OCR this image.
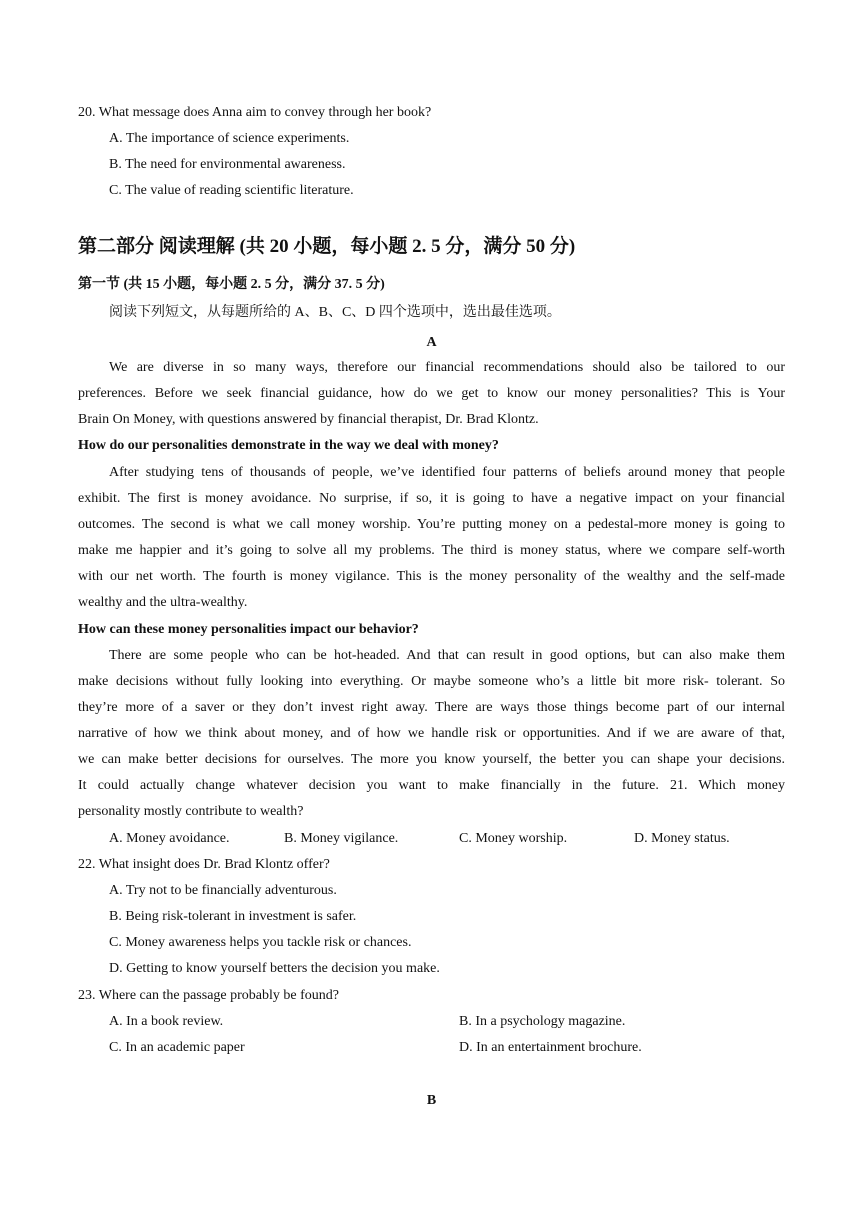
20. What message does Anna aim to convey through her book?
A. The importance of science experiments.
B. The need for environmental awareness.
C. The value of reading scientific literature.
第二部分 阅读理解 (共 20 小题，每小题 2. 5 分，满分 50 分)
第一节 (共 15 小题，每小题 2. 5 分，满分 37. 5 分)
阅读下列短文，从每题所给的 A、B、C、D 四个选项中，选出最佳选项。
A
We are diverse in so many ways, therefore our financial recommendations should also be tailored to our
preferences. Before we seek financial guidance, how do we get to know our money personalities? This is Your
Brain On Money, with questions answered by financial therapist, Dr. Brad Klontz.
How do our personalities demonstrate in the way we deal with money?
After studying tens of thousands of people, we’ve identified four patterns of beliefs around money that people
exhibit. The first is money avoidance. No surprise, if so, it is going to have a negative impact on your financial
outcomes. The second is what we call money worship. You’re putting money on a pedestal-more money is going to
make me happier and it’s going to solve all my problems. The third is money status, where we compare self-worth
with our net worth. The fourth is money vigilance. This is the money personality of the wealthy and the self-made
wealthy and the ultra-wealthy.
How can these money personalities impact our behavior?
There are some people who can be hot-headed. And that can result in good options, but can also make them
make decisions without fully looking into everything. Or maybe someone who’s a little bit more risk- tolerant. So
they’re more of a saver or they don’t invest right away. There are ways those things become part of our internal
narrative of how we think about money, and of how we handle risk or opportunities. And if we are aware of that,
we can make better decisions for ourselves. The more you know yourself, the better you can shape your decisions.
It could actually change whatever decision you want to make financially in the future. 21. Which money
personality mostly contribute to wealth?
A. Money avoidance.	B. Money vigilance.	C. Money worship.	D. Money status.
22. What insight does Dr. Brad Klontz offer?
A. Try not to be financially adventurous.
B. Being risk-tolerant in investment is safer.
C. Money awareness helps you tackle risk or chances.
D. Getting to know yourself betters the decision you make.
23. Where can the passage probably be found?
A. In a book review.	B. In a psychology magazine.
C. In an academic paper	D. In an entertainment brochure.
B
